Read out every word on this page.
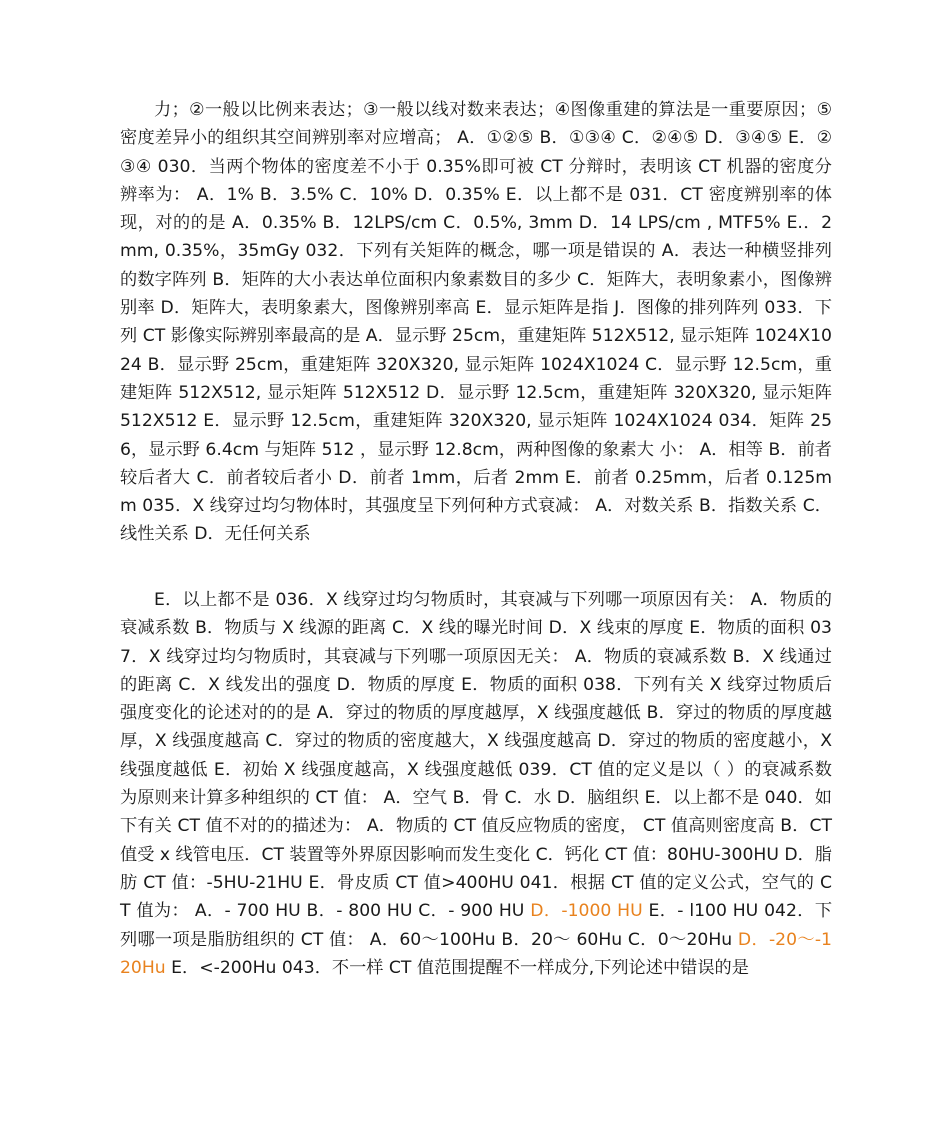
力；②一般以比例来表达；③一般以线对数来表达；④图像重建的算法是一重要原因；⑤密度差异小的组织其空间辨别率对应增高； A．①②⑤ B．①③④ C．②④⑤ D．③④⑤ E．②③④ 030．当两个物体的密度差不小于 0.35%即可被 CT 分辩时，表明该 CT 机器的密度分 辨率为： A．1% B．3.5% C．10% D．0.35% E．以上都不是 031．CT 密度辨别率的体现，对的的是 A．0.35% B．12LPS/cm C．0.5%, 3mm D．14 LPS/cm , MTF5% E.．2mm, 0.35%，35mGy 032．下列有关矩阵的概念，哪一项是错误的 A．表达一种横竖排列的数字阵列 B．矩阵的大小表达单位面积内象素数目的多少 C．矩阵大，表明象素小，图像辨别率 D．矩阵大，表明象素大，图像辨别率高 E．显示矩阵是指 J．图像的排列阵列 033．下列 CT 影像实际辨别率最高的是 A．显示野 25cm，重建矩阵 512X512, 显示矩阵 1024X1024 B．显示野 25cm，重建矩阵 320X320, 显示矩阵 1024X1024 C．显示野 12.5cm，重建矩阵 512X512, 显示矩阵 512X512 D．显示野 12.5cm，重建矩阵 320X320, 显示矩阵 512X512 E．显示野 12.5cm，重建矩阵 320X320, 显示矩阵 1024X1024 034．矩阵 256，显示野 6.4cm 与矩阵 512 ，显示野 12.8cm，两种图像的象素大 小： A．相等 B．前者较后者大 C．前者较后者小 D．前者 1mm，后者 2mm E．前者 0.25mm，后者 0.125mm 035．X 线穿过均匀物体时，其强度呈下列何种方式衰减： A．对数关系 B．指数关系 C．线性关系 D．无任何关系

E．以上都不是 036．X 线穿过均匀物质时，其衰减与下列哪一项原因有关： A．物质的衰减系数 B．物质与 X 线源的距离 C．X 线的曝光时间 D．X 线束的厚度 E．物质的面积 037．X 线穿过均匀物质时，其衰减与下列哪一项原因无关： A．物质的衰减系数 B．X 线通过的距离 C．X 线发出的强度 D．物质的厚度 E．物质的面积 038．下列有关 X 线穿过物质后强度变化的论述对的的是 A．穿过的物质的厚度越厚，X 线强度越低 B．穿过的物质的厚度越厚，X 线强度越高 C．穿过的物质的密度越大，X 线强度越高 D．穿过的物质的密度越小，X 线强度越低 E．初始 X 线强度越高，X 线强度越低 039．CT 值的定义是以（ ）的衰减系数为原则来计算多种组织的 CT 值： A．空气 B．骨 C．水 D．脑组织 E．以上都不是 040．如下有关 CT 值不对的的描述为： A．物质的 CT 值反应物质的密度， CT 值高则密度高 B．CT 值受 x 线管电压．CT 装置等外界原因影响而发生变化 C．钙化 CT 值：80HU-300HU D．脂肪 CT 值：-5HU-21HU E．骨皮质 CT 值>400HU 041．根据 CT 值的定义公式，空气的 CT 值为： A．- 700 HU B．- 800 HU C．- 900 HU D．-1000 HU E．- l100 HU 042．下列哪一项是脂肪组织的 CT 值： A．60～100Hu B．20～ 60Hu C．0～20Hu D．-20～-120Hu E．<-200Hu 043．不一样 CT 值范围提醒不一样成分,下列论述中错误的是
